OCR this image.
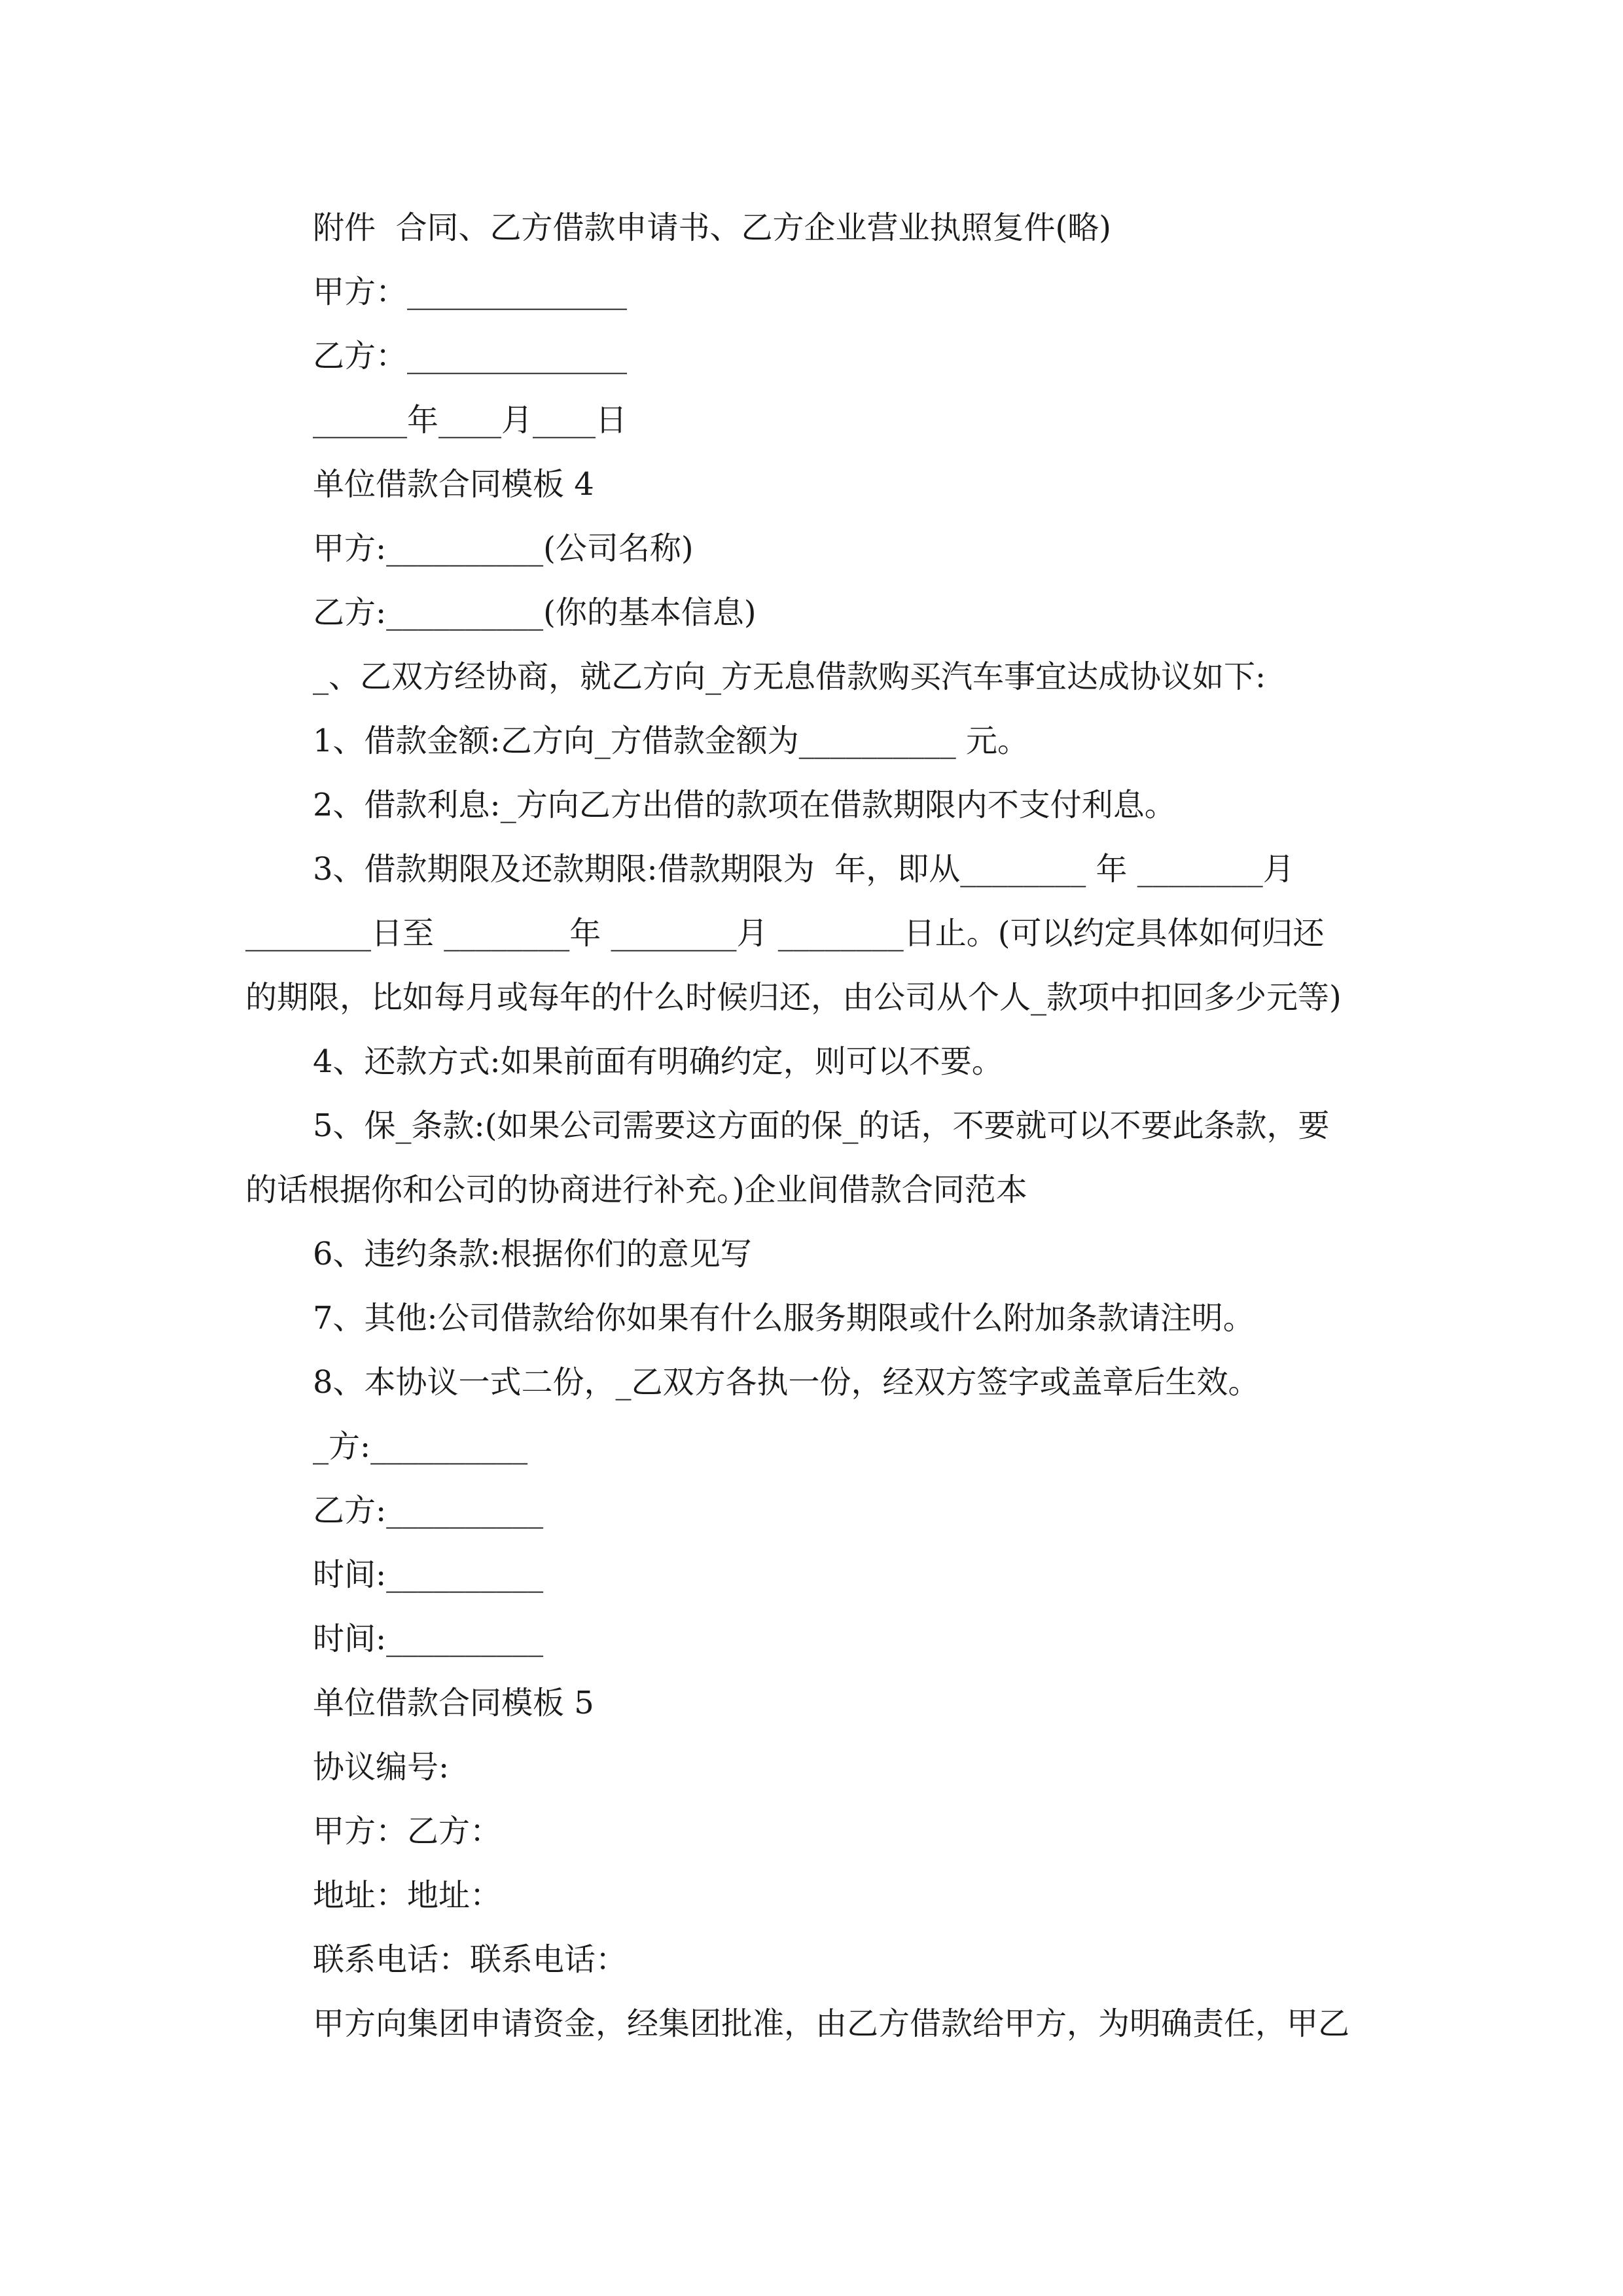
附件  合同、乙方借款申请书、乙方企业营业执照复件(略)
甲方：______________
乙方：______________
______年____月____日
单位借款合同模板 4
甲方:__________(公司名称)
乙方:__________(你的基本信息)
_、乙双方经协商，就乙方向_方无息借款购买汽车事宜达成协议如下:
1、借款金额:乙方向_方借款金额为__________ 元。
2、借款利息:_方向乙方出借的款项在借款期限内不支付利息。
3、借款期限及还款期限:借款期限为  年，即从________ 年 ________月
________日至 ________年 ________月 ________日止。(可以约定具体如何归还
的期限，比如每月或每年的什么时候归还，由公司从个人_款项中扣回多少元等)
4、还款方式:如果前面有明确约定，则可以不要。
5、保_条款:(如果公司需要这方面的保_的话，不要就可以不要此条款，要
的话根据你和公司的协商进行补充。)企业间借款合同范本
6、违约条款:根据你们的意见写
7、其他:公司借款给你如果有什么服务期限或什么附加条款请注明。
8、本协议一式二份，_乙双方各执一份，经双方签字或盖章后生效。
_方:__________
乙方:__________
时间:__________
时间:__________
单位借款合同模板 5
协议编号:
甲方：乙方：
地址：地址：
联系电话：联系电话：
甲方向集团申请资金，经集团批准，由乙方借款给甲方，为明确责任，甲乙
